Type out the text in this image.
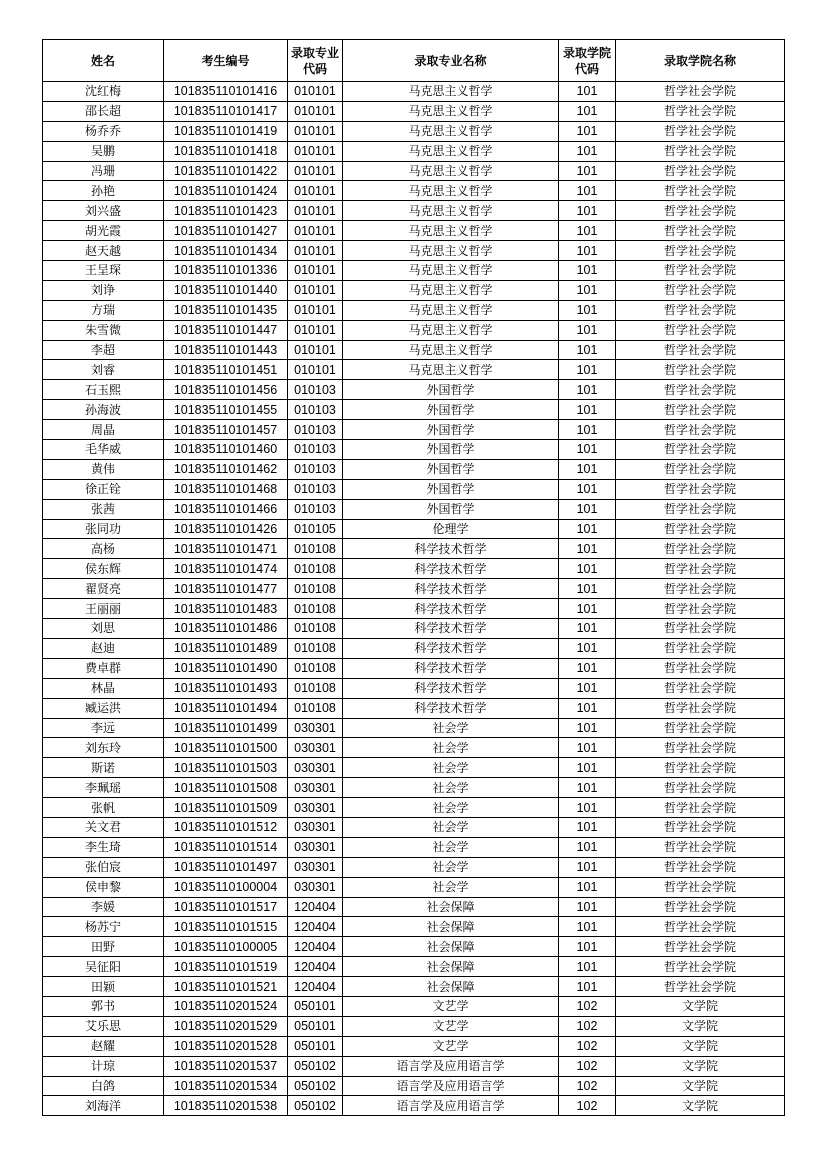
姓名	考生编号	录取专业代码	录取专业名称	录取学院代码	录取学院名称
沈红梅	101835110101416	010101	马克思主义哲学	101	哲学社会学院
邵长超	101835110101417	010101	马克思主义哲学	101	哲学社会学院
杨乔乔	101835110101419	010101	马克思主义哲学	101	哲学社会学院
吴鹏	101835110101418	010101	马克思主义哲学	101	哲学社会学院
冯珊	101835110101422	010101	马克思主义哲学	101	哲学社会学院
孙艳	101835110101424	010101	马克思主义哲学	101	哲学社会学院
刘兴盛	101835110101423	010101	马克思主义哲学	101	哲学社会学院
胡光霞	101835110101427	010101	马克思主义哲学	101	哲学社会学院
赵天越	101835110101434	010101	马克思主义哲学	101	哲学社会学院
王呈琛	101835110101336	010101	马克思主义哲学	101	哲学社会学院
刘诤	101835110101440	010101	马克思主义哲学	101	哲学社会学院
方瑞	101835110101435	010101	马克思主义哲学	101	哲学社会学院
朱雪微	101835110101447	010101	马克思主义哲学	101	哲学社会学院
李超	101835110101443	010101	马克思主义哲学	101	哲学社会学院
刘睿	101835110101451	010101	马克思主义哲学	101	哲学社会学院
石玉熙	101835110101456	010103	外国哲学	101	哲学社会学院
孙海波	101835110101455	010103	外国哲学	101	哲学社会学院
周晶	101835110101457	010103	外国哲学	101	哲学社会学院
毛华威	101835110101460	010103	外国哲学	101	哲学社会学院
黄伟	101835110101462	010103	外国哲学	101	哲学社会学院
徐正铨	101835110101468	010103	外国哲学	101	哲学社会学院
张茜	101835110101466	010103	外国哲学	101	哲学社会学院
张同功	101835110101426	010105	伦理学	101	哲学社会学院
高杨	101835110101471	010108	科学技术哲学	101	哲学社会学院
侯东辉	101835110101474	010108	科学技术哲学	101	哲学社会学院
翟贤亮	101835110101477	010108	科学技术哲学	101	哲学社会学院
王丽丽	101835110101483	010108	科学技术哲学	101	哲学社会学院
刘思	101835110101486	010108	科学技术哲学	101	哲学社会学院
赵迪	101835110101489	010108	科学技术哲学	101	哲学社会学院
费卓群	101835110101490	010108	科学技术哲学	101	哲学社会学院
林晶	101835110101493	010108	科学技术哲学	101	哲学社会学院
臧运洪	101835110101494	010108	科学技术哲学	101	哲学社会学院
李远	101835110101499	030301	社会学	101	哲学社会学院
刘东玲	101835110101500	030301	社会学	101	哲学社会学院
斯诺	101835110101503	030301	社会学	101	哲学社会学院
李珮瑶	101835110101508	030301	社会学	101	哲学社会学院
张帆	101835110101509	030301	社会学	101	哲学社会学院
关文君	101835110101512	030301	社会学	101	哲学社会学院
李生琦	101835110101514	030301	社会学	101	哲学社会学院
张伯宸	101835110101497	030301	社会学	101	哲学社会学院
侯申黎	101835110100004	030301	社会学	101	哲学社会学院
李媛	101835110101517	120404	社会保障	101	哲学社会学院
杨苏宁	101835110101515	120404	社会保障	101	哲学社会学院
田野	101835110100005	120404	社会保障	101	哲学社会学院
吴征阳	101835110101519	120404	社会保障	101	哲学社会学院
田颖	101835110101521	120404	社会保障	101	哲学社会学院
郭书	101835110201524	050101	文艺学	102	文学院
艾乐思	101835110201529	050101	文艺学	102	文学院
赵耀	101835110201528	050101	文艺学	102	文学院
计琼	101835110201537	050102	语言学及应用语言学	102	文学院
白鸽	101835110201534	050102	语言学及应用语言学	102	文学院
刘海洋	101835110201538	050102	语言学及应用语言学	102	文学院
